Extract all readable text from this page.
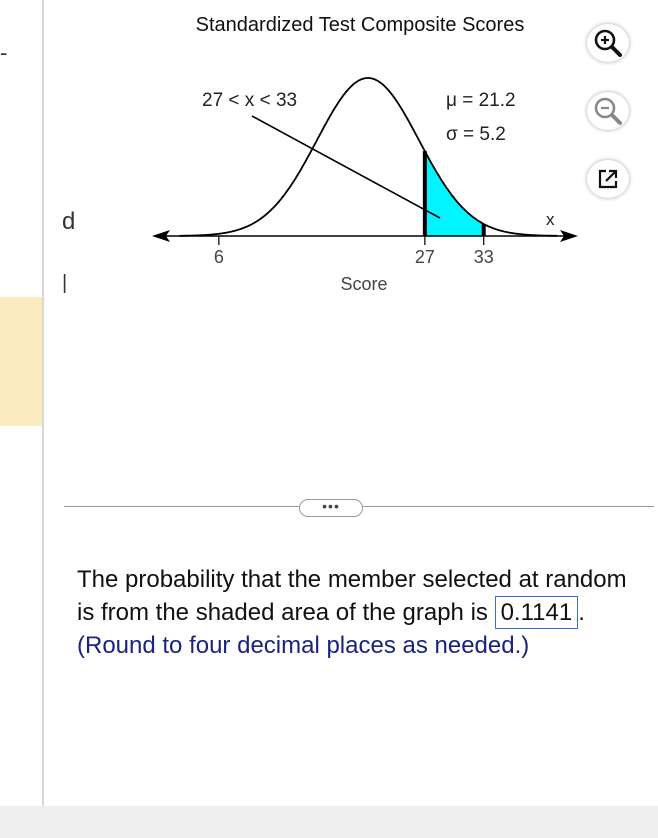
-
d
|
Standardized Test Composite Scores
6	27 33
27 < x < 33	μ = 21.2
σ = 5.2
x
Score
•••
The probability that the member selected at random is from the shaded area of the graph is 0.1141 . (Round to four decimal places as needed.)
